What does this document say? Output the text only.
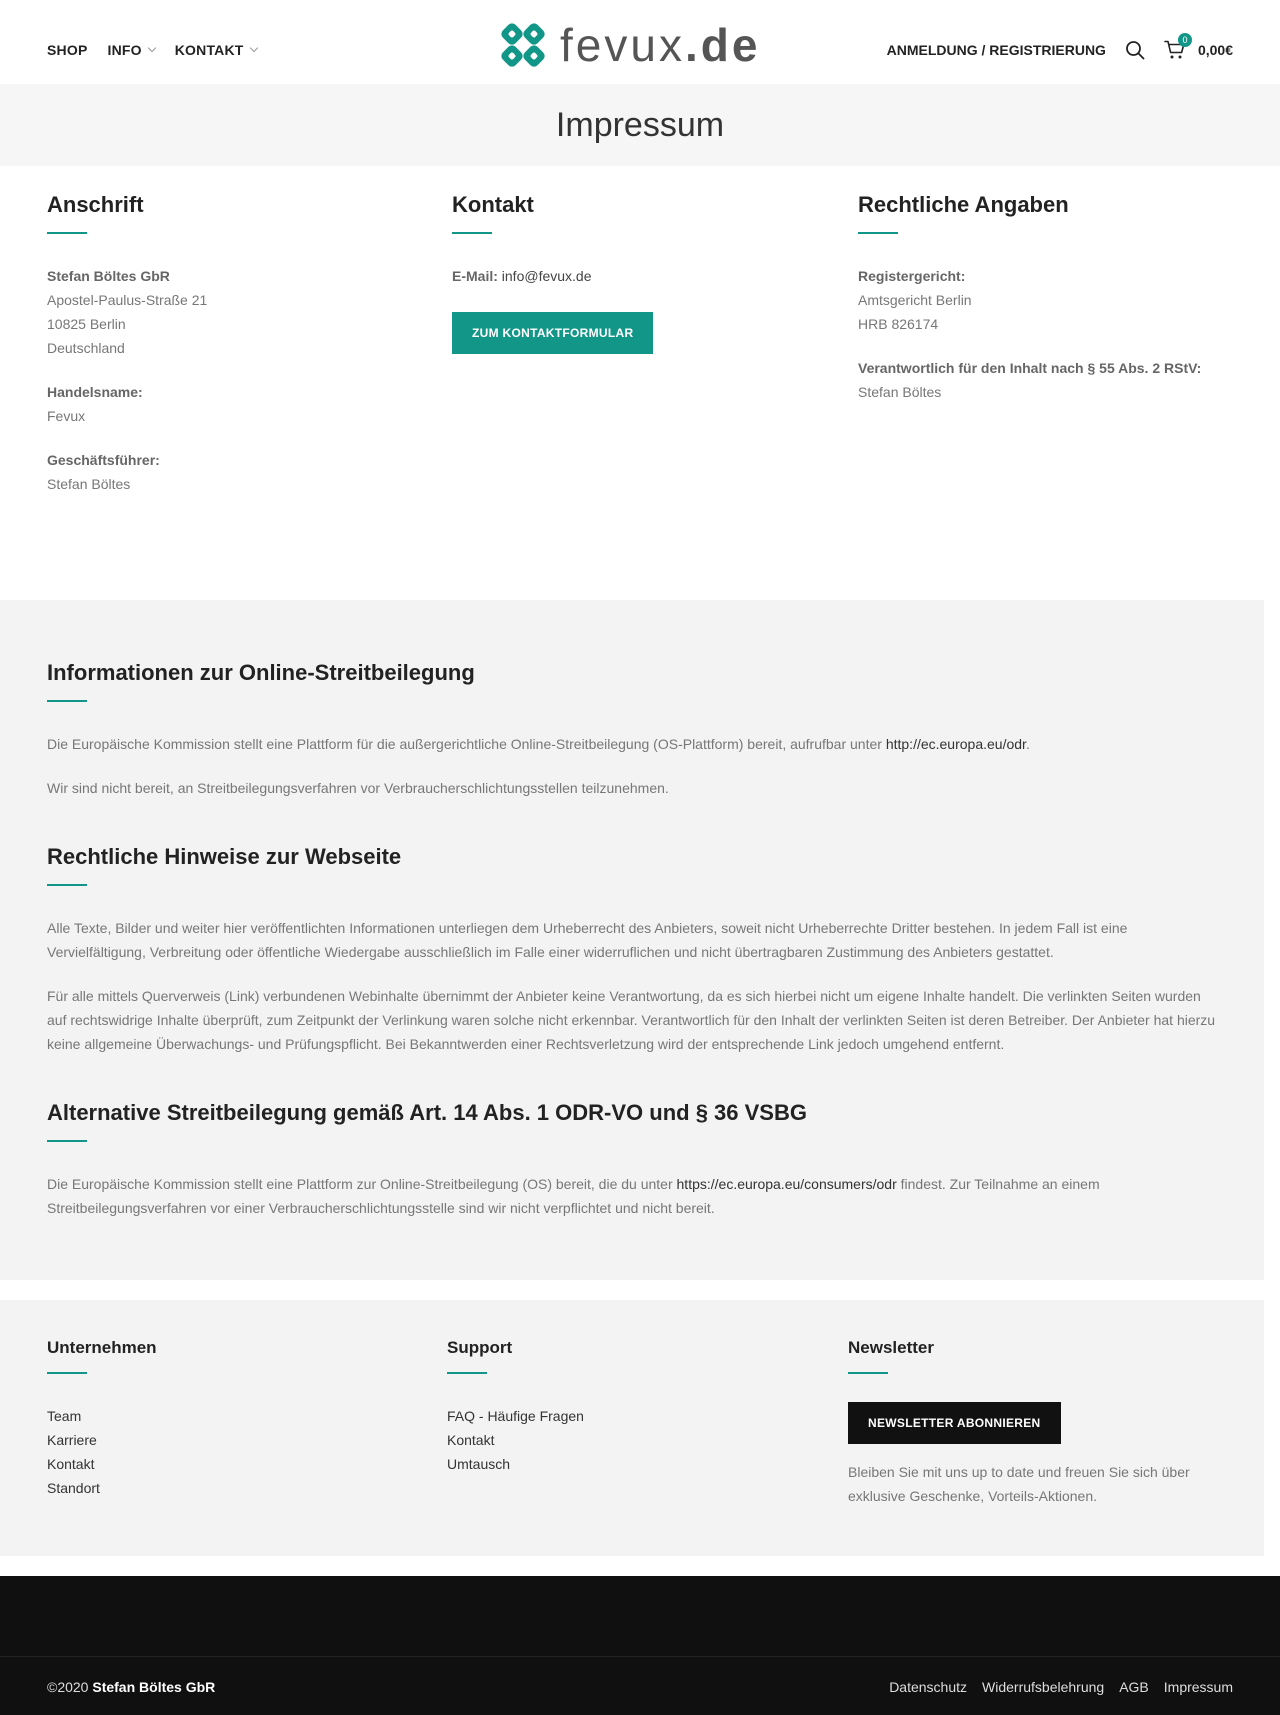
SHOP INFO KONTAKT	fevux.de	ANMELDUNG / REGISTRIERUNG
0
0,00€
Impressum
Anschrift

Stefan Böltes GbR

Apostel-Paulus-Straße 21

10825 Berlin

Deutschland

Handelsname:

Fevux

Geschäftsführer:

Stefan Böltes

Kontakt

E-Mail: info@fevux.de

ZUM KONTAKTFORMULAR
Rechtliche Angaben

Registergericht:

Amtsgericht Berlin

HRB 826174

Verantwortlich für den Inhalt nach § 55 Abs. 2 RStV:

Stefan Böltes

Informationen zur Online-Streitbeilegung

Die Europäische Kommission stellt eine Plattform für die außergerichtliche Online-Streitbeilegung (OS-Plattform) bereit, aufrufbar unter http://ec.europa.eu/odr.

Wir sind nicht bereit, an Streitbeilegungsverfahren vor Verbraucherschlichtungsstellen teilzunehmen.

Rechtliche Hinweise zur Webseite

Alle Texte, Bilder und weiter hier veröffentlichten Informationen unterliegen dem Urheberrecht des Anbieters, soweit nicht Urheberrechte Dritter bestehen. In jedem Fall ist eine Vervielfältigung, Verbreitung oder öffentliche Wiedergabe ausschließlich im Falle einer widerruflichen und nicht übertragbaren Zustimmung des Anbieters gestattet.

Für alle mittels Querverweis (Link) verbundenen Webinhalte übernimmt der Anbieter keine Verantwortung, da es sich hierbei nicht um eigene Inhalte handelt. Die verlinkten Seiten wurden auf rechtswidrige Inhalte überprüft, zum Zeitpunkt der Verlinkung waren solche nicht erkennbar. Verantwortlich für den Inhalt der verlinkten Seiten ist deren Betreiber. Der Anbieter hat hierzu keine allgemeine Überwachungs- und Prüfungspflicht. Bei Bekanntwerden einer Rechtsverletzung wird der entsprechende Link jedoch umgehend entfernt.

Alternative Streitbeilegung gemäß Art. 14 Abs. 1 ODR-VO und § 36 VSBG

Die Europäische Kommission stellt eine Plattform zur Online-Streitbeilegung (OS) bereit, die du unter https://ec.europa.eu/consumers/odr findest. Zur Teilnahme an einem Streitbeilegungsverfahren vor einer Verbraucherschlichtungsstelle sind wir nicht verpflichtet und nicht bereit.

Unternehmen
Team
Karriere
Kontakt
Standort
Support
FAQ - Häufige Fragen
Kontakt
Umtausch
Newsletter
NEWSLETTER ABONNIEREN

Bleiben Sie mit uns up to date und freuen Sie sich über exklusive Geschenke, Vorteils-Aktionen.

©2020 Stefan Böltes GbR	Datenschutz Widerrufsbelehrung AGB Impressum
